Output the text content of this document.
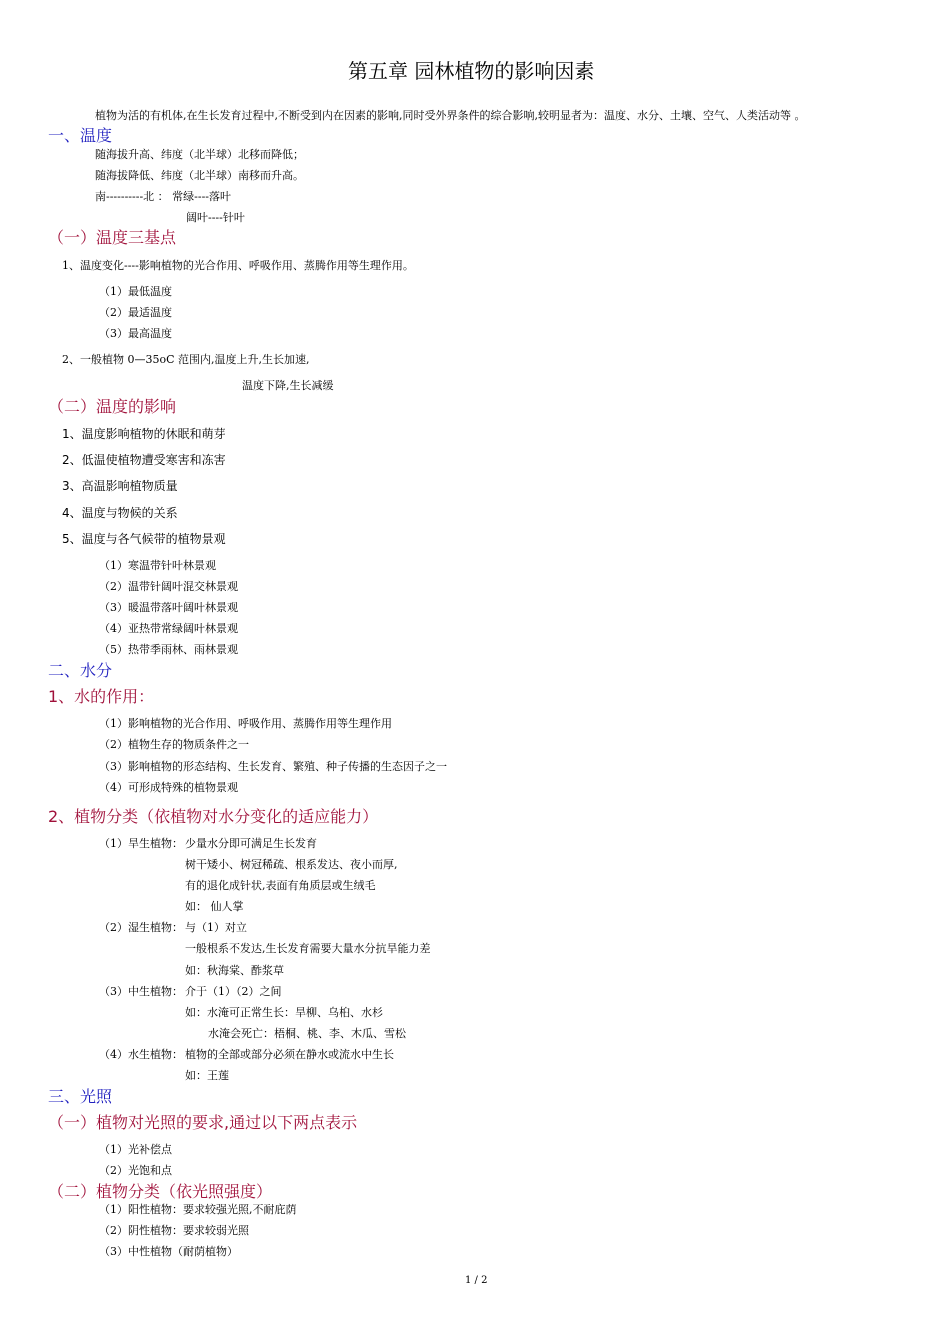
第五章 园林植物的影响因素
植物为活的有机体,在生长发育过程中,不断受到内在因素的影响,同时受外界条件的综合影响,较明显者为：温度、水分、土壤、空气、人类活动等 。
一、温度
随海拔升高、纬度（北半球）北移而降低；
随海拔降低、纬度（北半球）南移而升高。
南----------北 ： 常绿----落叶
阔叶----针叶
（一）温度三基点
1、温度变化----影响植物的光合作用、呼吸作用、蒸腾作用等生理作用。
（1）最低温度
（2）最适温度
（3）最高温度
2、一般植物 0—35oC 范围内,温度上升,生长加速,
温度下降,生长减缓
（二）温度的影响
1、温度影响植物的休眠和萌芽
2、低温使植物遭受寒害和冻害
3、高温影响植物质量
4、温度与物候的关系
5、温度与各气候带的植物景观
（1）寒温带针叶林景观
（2）温带针阔叶混交林景观
（3）暖温带落叶阔叶林景观
（4）亚热带常绿阔叶林景观
（5）热带季雨林、雨林景观
二、水分
1、水的作用：
（1）影响植物的光合作用、呼吸作用、蒸腾作用等生理作用
（2）植物生存的物质条件之一
（3）影响植物的形态结构、生长发育、繁殖、种子传播的生态因子之一
（4）可形成特殊的植物景观
2、植物分类（依植物对水分变化的适应能力）
（1）旱生植物： 少量水分即可满足生长发育
树干矮小、树冠稀疏、根系发达、夜小而厚,
有的退化成针状,表面有角质层或生绒毛
如： 仙人掌
（2）湿生植物： 与（1）对立
一般根系不发达,生长发育需要大量水分抗旱能力差
如：秋海棠、酢浆草
（3）中生植物： 介于（1）（2）之间
如：水淹可正常生长：旱柳、乌桕、水杉
水淹会死亡：梧桐、桃、李、木瓜、雪松
（4）水生植物： 植物的全部或部分必须在静水或流水中生长
如：王莲
三、光照
（一）植物对光照的要求,通过以下两点表示
（1）光补偿点
（2）光饱和点
（二）植物分类（依光照强度）
（1）阳性植物：要求较强光照,不耐庇荫
（2）阴性植物：要求较弱光照
（3）中性植物（耐荫植物）
1 / 2
